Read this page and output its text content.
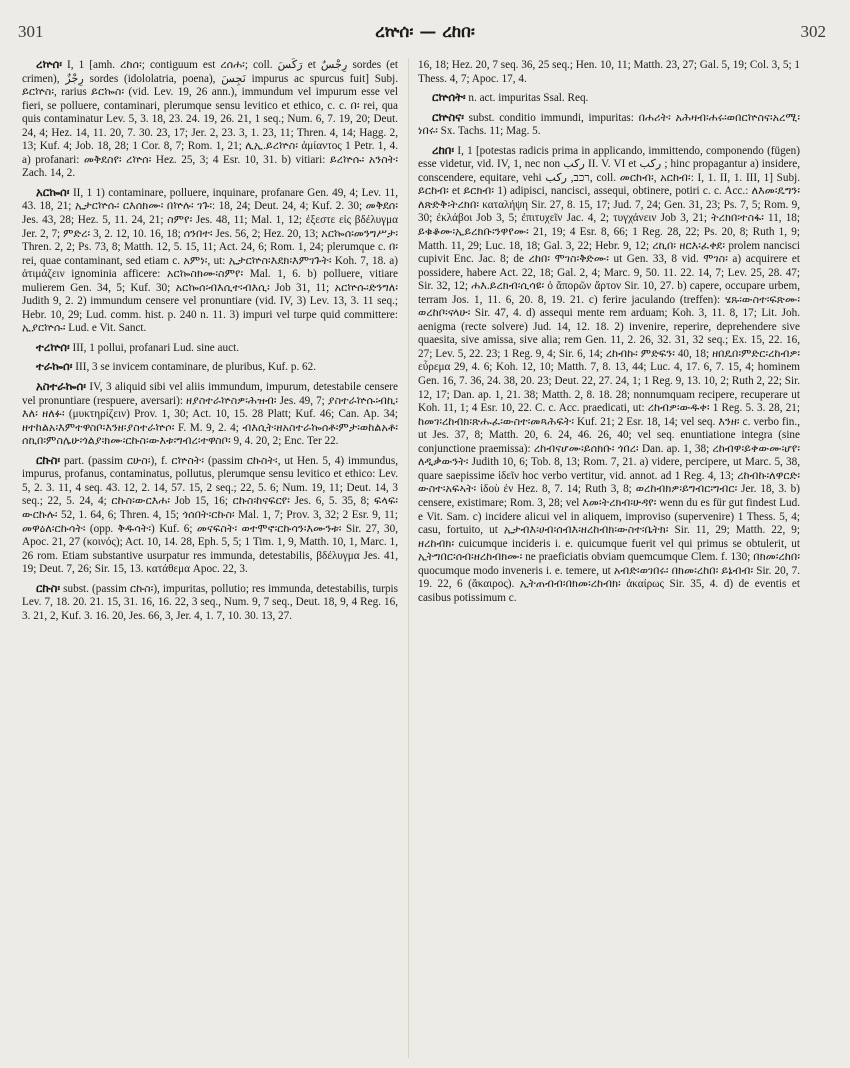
301	ረኵሰ፡ — ረከበ፡	302

ረኵሰ፡ I, 1 [amh. ረከሰ፡; contiguum est ረሰሐ፡; coll. رَكَسَ et رِجْسٌ sordes (et crimen), رِجْزٌ sordes (idololatria, poena), نَجِسَ impurus ac spurcus fuit] Subj. ይርኵስ፡, rarius ይርኰስ፡ (vid. Lev. 19, 26 ann.), immundum vel impurum esse vel fieri, se polluere, contaminari, plerumque sensu levitico et ethico, c. c. በ፡ rei, qua quis contaminatur Lev. 5, 3. 18, 23. 24. 19, 26. 21, 1 seq.; Num. 6, 7. 19, 20; Deut. 24, 4; Hez. 14, 11. 20, 7. 30. 23, 17; Jer. 2, 23. 3, 1. 23, 11; Thren. 4, 14; Hagg. 2, 13; Kuf. 4; Job. 18, 28; 1 Cor. 8, 7; Rom. 1, 21; ሊኢ.ይረኵስ፡ ἀμίαντος 1 Petr. 1, 4. a) profanari: መቅደስየ፡ ረኵሰ፡ Hez. 25, 3; 4 Esr. 10, 31. b) vitiari: ይረኵሱ፡ አንስት፡ Zach. 14, 2.

አርኰሰ፡ II, 1 1) contaminare, polluere, inquinare, profanare Gen. 49, 4; Lev. 11, 43. 18, 21; ኢታርኵሱ፡ ርእሰክሙ፡ በኵሉ፡ ገጉ፡: 18, 24; Deut. 24, 4; Kuf. 2. 30; መቅደሰ፡ Jes. 43, 28; Hez. 5, 11. 24, 21; ስምየ፡ Jes. 48, 11; Mal. 1, 12; ἐξεστε εἰς βδέλυγμα Jer. 2, 7; ምድረ፡ 3, 2. 12, 10. 16, 18; ሰንበተ፡ Jes. 56, 2; Hez. 20, 13; አርኰሰ፡መንግሥታ፡ Thren. 2, 2; Ps. 73, 8; Matth. 12, 5. 15, 11; Act. 24, 6; Rom. 1, 24; plerumque c. በ፡ rei, quae contaminant, sed etiam c. አምነ፡, ut: ኢታርኵስ፡እደክ፡እምገጉት፡ Koh. 7, 18. a) ἀτιμάζειν ignominia afficere: አርኰስክሙ፡ስምየ፡ Mal. 1, 6. b) polluere, vitiare mulierem Gen. 34, 5; Kuf. 30; አርኰሰ፡ብእሲተ፡ብእሲ፡ Job 31, 11; አርኵሱ፡ድንግለ፡ Judith 9, 2. 2) immundum censere vel pronuntiare (vid. IV, 3) Lev. 13, 3. 11 seq.; Hebr. 10, 29; Lud. comm. hist. p. 240 n. 11. 3) impuri vel turpe quid committere: ኢያርኵሱ፡ Lud. e Vit. Sanct.

ተረኵሰ፡ III, 1 pollui, profanari Lud. sine auct.

ተራኰሰ፡ III, 3 se invicem contaminare, de pluribus, Kuf. p. 62.

አስተራኰሰ፡ IV, 3 aliquid sibi vel aliis immundum, impurum, detestabile censere vel pronuntiare (respuere, aversari): ዘያስተራኵስዎ፡ሕዝብ፡ Jes. 49, 7; ያስተራኵሱ፡ብኪ፡ እለ፡ ዘለፉ፡ (μυκτηρίζειν) Prov. 1, 30; Act. 10, 15. 28 Platt; Kuf. 46; Can. Ap. 34; ዘተከልአ፡እምተዋስቦ፡እንዘ፡ያስተራኵሶ፡ F. M. 9, 2. 4; ብእሲት፡ዘአስተራኰሰቶ፡ምታ፡ወከልአቶ፡ሰኪበ፡ምስሌሁ፡ጎልያ፡ክሙ፡ርኩስ፡ውእቱ፡ግብረ፡ተዋስቦ፡ 9, 4. 20, 2; Enc. Ter 22.

ርኩስ፡ part. (passim ርሁስ፡), f. ርኵስት፡ (passim ርኩስት፡, ut Hen. 5, 4) immundus, impurus, profanus, contaminatus, pollutus, plerumque sensu levitico et ethico: Lev. 5, 2. 3. 11, 4 seq. 43. 12, 2. 14, 57. 15, 2 seq.; 22, 5. 6; Num. 19, 11; Deut. 14, 3 seq.; 22, 5. 24, 4; ርኩስ፡ውርእሐ፡ Job 15, 16; ርኩስ፡ከናፍርየ፡ Jes. 6, 5. 35, 8; ፍላፍ፡ውርኩሉ፡ 52, 1. 64, 6; Thren. 4, 15; ጎሰበት፡ርኩስ፡ Mal. 1, 7; Prov. 3, 32; 2 Esr. 9, 11; መዋዕለ፡ርኩሳት፡ (opp. ቅዱሳት፡) Kuf. 6; መናፍስት፡ ወተሞኖ፡ርኩሳን፡እሙንቱ፡ Sir. 27, 30, Apoc. 21, 27 (κοινός); Act. 10, 14. 28, Eph. 5, 5; 1 Tim. 1, 9, Matth. 10, 1, Marc. 1, 26 rom. Etiam substantive usurpatur res immunda, detestabilis, βδέλυγμα Jes. 41, 19; Deut. 7, 26; Sir. 15, 13. κατάθεμα Apoc. 22, 3.

ርኩስ፡ subst. (passim ርኩስ፡), impuritas, pollutio; res immunda, detestabilis, turpis Lev. 7, 18. 20. 21. 15, 31. 16, 16. 22, 3 seq., Num. 9, 7 seq., Deut. 18, 9, 4 Reg. 16, 3. 21, 2, Kuf. 3. 16. 20, Jes. 66, 3, Jer. 4, 1. 7, 10. 30. 13, 27.

16, 18; Hez. 20, 7 seq. 36, 25 seq.; Hen. 10, 11; Matth. 23, 27; Gal. 5, 19; Col. 3, 5; 1 Thess. 4, 7; Apoc. 17, 4.

ርኵሰት፡ n. act. impuritas Ssal. Req.

ርኵስና፡ subst. conditio immundi, impuritas: በሐሪት፡ አሕዛብ፡ሐሩ፡ወበርኵስና፡አረሚ፡ነበሩ፡ Sx. Tachs. 11; Mag. 5.

ረከበ፡ I, 1 [potestas radicis prima in applicando, immittendo, componendo (fügen) esse videtur, vid. IV, 1, nec non ركب II. V. VI et ركب ; hinc propagantur a) insidere, conscendere, equitare, vehi רכב, ركب, coll. መርከብ፡, አርከብ፡: I, 1. II, 1. III, 1] Subj. ይርከብ፡ et ይርክብ፡ 1) adipisci, nancisci, assequi, obtinere, potiri c. c. Acc.: ለእመ፡ዴግን፡ለጽድቅ፡ትረክበ፡ καταλήψη Sir. 27, 8. 15, 17; Jud. 7, 24; Gen. 31, 23; Ps. 7, 5; Rom. 9, 30; ἐκλάβοι Job 3, 5; ἐπιτυχεῖν Jac. 4, 2; τυγχάνειν Job 3, 21; ትረክበ፡ተስፋ፡ 11, 18; ይቁቆሙ፡ኢይረክቡ፡ንዋየሙ፡ 21, 19; 4 Esr. 8, 66; 1 Reg. 28, 22; Ps. 20, 8; Ruth 1, 9; Matth. 11, 29; Luc. 18, 18; Gal. 3, 22; Hebr. 9, 12; ረኪበ፡ ዘርእ፡ፈቀደ፡ prolem nancisci cupivit Enc. Jac. 8; de ረከበ፡ ሞገስ፡ቅድሙ፡ ut Gen. 33, 8 vid. ሞገስ፡ a) acquirere et possidere, habere Act. 22, 18; Gal. 2, 4; Marc. 9, 50. 11. 22. 14, 7; Lev. 25, 28. 47; Sir. 32, 12; ሐእ.ይረክብ፡ሲሳዩ፡ ὁ ἄπορῶν ἄρτον Sir. 10, 27. b) capere, occupare urbem, terram Jos. 1, 11. 6, 20. 8, 19. 21. c) ferire jaculando (treffen): ሄጹ፡ውስተ፡ፍጽሙ፡ወረከቦ፡ናላሁ፡ Sir. 47, 4. d) assequi mente rem arduam; Koh. 3, 11. 8, 17; Lit. Joh. aenigma (recte solvere) Jud. 14, 12. 18. 2) invenire, reperire, deprehendere sive quaesita, sive amissa, sive alia; rem Gen. 11, 2. 26, 32. 31, 32 seq.; Ex. 15, 22. 16, 27; Lev. 5, 22. 23; 1 Reg. 9, 4; Sir. 6, 14; ረከብኩ፡ ምድፍን፡ 40, 18; ዘበዴበ፡ምድር፡ረከብዎ፡ εὖρεμα 29, 4. 6; Koh. 12, 10; Matth. 7, 8. 13, 44; Luc. 4, 17. 6, 7. 15, 4; hominem Gen. 16, 7. 36, 24. 38, 20. 23; Deut. 22, 27. 24, 1; 1 Reg. 9, 13. 10, 2; Ruth 2, 22; Sir. 12, 17; Dan. ap. 1, 21. 38; Matth. 2, 8. 18. 28; nonnumquam recipere, recuperare ut Koh. 11, 1; 4 Esr. 10, 22. C. c. Acc. praedicati, ut: ረከብዎ፡ውዱቀ፡ 1 Reg. 5. 3. 28, 21; ከመገ፡ረከብክ፡ጽሑፈ፡ውስተ፡መጻሕፍት፡ Kuf. 21; 2 Esr. 18, 14; vel seq. እንዘ፡ c. verbo fin., ut Jes. 37, 8; Matth. 20, 6. 24, 46. 26, 40; vel seq. enuntiatione integra (sine conjunctione praemissa): ረከብናሆሙ፡ይሰክቡ፡ ጎበረ፡ Dan. ap. 1, 38; ረከብዋ፡ይቀውሙ፡ሆየ፡ለዲቃውንት፡ Judith 10, 6; Tob. 8, 13; Rom. 7, 21. a) videre, percipere, ut Marc. 5, 38, quare saepissime ἰδεῖν hoc verbo vertitur, vid. annot. ad 1 Reg. 4, 13; ረከብኩ፡ለዋርድ፡ውስተ፡አፍኣት፡ ἰδοὺ ἐν Hez. 8, 7. 14; Ruth 3, 8; ወረከብክዎ፡ይግብር፡ግብር፡ Jer. 18, 3. b) censere, existimare; Rom. 3, 28; vel እመ፡ትረክብ፡ሁዳየ፡ wenn du es für gut findest Lud. e Vit. Sam. c) incidere alicui vel in aliquem, improviso (supervenire) 1 Thess. 5, 4; casu, fortuito, ut ኢታብእ፡ሀብ፡ሰብእ፡ዘረከብክ፡ውስተ፡ቤትክ፡ Sir. 11, 29; Matth. 22, 9; ዘረከብክ፡ cuicumque incideris i. e. quicumque fuerit vel qui primus se obtulerit, ut ኢትግበር፡ሰብ፡ዘረከብክሙ፡ ne praeficiatis obviam quemcumque Clem. f. 130; በክመ፡ረከበ፡ quocumque modo inveneris i. e. temere, ut አብድ፡ወገበሩ፡ በክመ፡ረከበ፡ ይኔብብ፡ Sir. 20, 7. 19. 22, 6 (ἄκαιρος). ኢትጠብብ፡በክመ፡ረከብክ፡ ἀκαίρως Sir. 35, 4. d) de eventis et casibus potissimum c.
